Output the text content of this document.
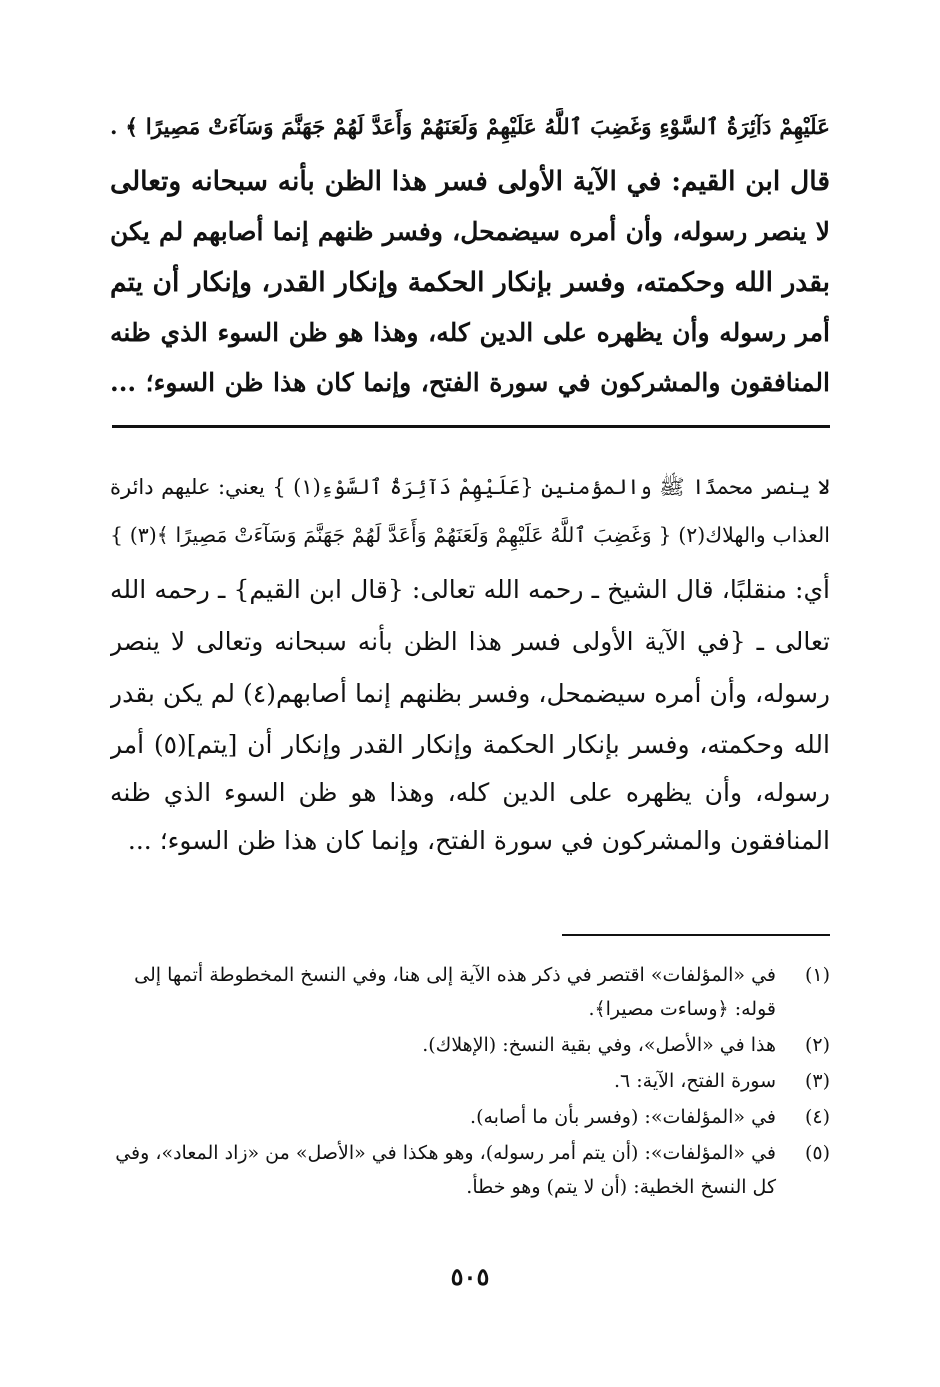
عَلَيْهِمْ دَآئِرَةُ ٱلسَّوْءِ وَغَضِبَ ٱللَّهُ عَلَيْهِمْ وَلَعَنَهُمْ وَأَعَدَّ لَهُمْ جَهَنَّمَ وَسَآءَتْ مَصِيرًا ﴾ .
قال ابن القيم: في الآية الأولى فسر هذا الظن بأنه سبحانه وتعالى
لا ينصر رسوله، وأن أمره سيضمحل، وفسر ظنهم إنما أصابهم لم يكن
بقدر الله وحكمته، وفسر بإنكار الحكمة وإنكار القدر، وإنكار أن يتم
أمر رسوله وأن يظهره على الدين كله، وهذا هو ظن السوء الذي ظنه
المنافقون والمشركون في سورة الفتح، وإنما كان هذا ظن السوء؛ ...
لا ينصر محمدًا ﷺ والمؤمنين {عَلَيْهِمْ دَآئِرَةُ ٱلسَّوْءِ(١) } يعني: عليهم دائرة
العذاب والهلاك(٢) { وَغَضِبَ ٱللَّهُ عَلَيْهِمْ وَلَعَنَهُمْ وَأَعَدَّ لَهُمْ جَهَنَّمَ وَسَآءَتْ مَصِيرًا ﴾(٣) }
أي: منقلبًا، قال الشيخ ـ رحمه الله تعالى: {قال ابن القيم} ـ رحمه الله
تعالى ـ {في الآية الأولى فسر هذا الظن بأنه سبحانه وتعالى لا ينصر
رسوله، وأن أمره سيضمحل، وفسر بظنهم إنما أصابهم(٤) لم يكن بقدر
الله وحكمته، وفسر بإنكار الحكمة وإنكار القدر وإنكار أن [يتم](٥) أمر
رسوله، وأن يظهره على الدين كله، وهذا هو ظن السوء الذي ظنه
المنافقون والمشركون في سورة الفتح، وإنما كان هذا ظن السوء؛ ...
(١)
في «المؤلفات» اقتصر في ذكر هذه الآية إلى هنا، وفي النسخ المخطوطة أتمها إلى قوله: ﴿وساءت مصيرا﴾.
(٢)
هذا في «الأصل»، وفي بقية النسخ: (الإهلاك).
(٣)
سورة الفتح، الآية: ٦.
(٤)
في «المؤلفات»: (وفسر بأن ما أصابه).
(٥)
في «المؤلفات»: (أن يتم أمر رسوله)، وهو هكذا في «الأصل» من «زاد المعاد»، وفي كل النسخ الخطية: (أن لا يتم) وهو خطأ.
٥٠٥
